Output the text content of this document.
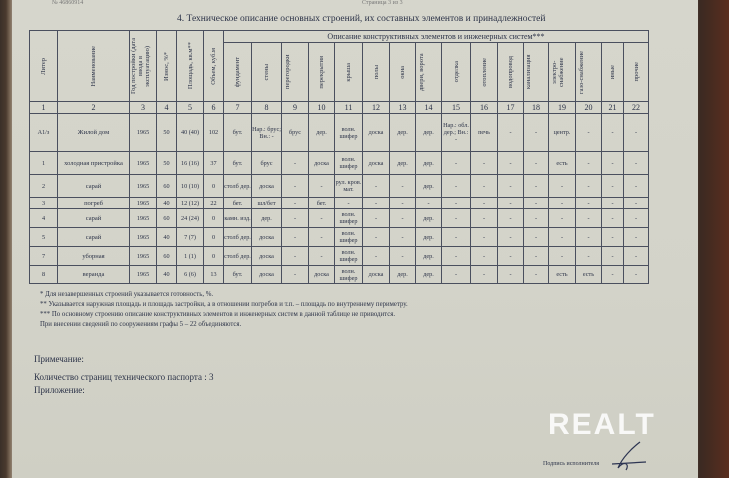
№ 46860914	Страница 3 из 3
4. Техническое описание основных строений, их составных элементов и принадлежностей
Литер	Наименование	Год постройки (дата ввода в эксплуатацию)	Износ, %*	Площадь, кв.м**	Объем, куб.м	Описание конструктивных элементов и инженерных систем***															

						фундамент	стены	перегородки	перекрытия	крыша	полы	окна	двери, ворота	отделка	отопление	водопровод	канализация	электро-снабжение	газо-снабжение	иные	прочие

1	2	3	4	5	6	7	8	9	10	11	12	13	14	15	16	17	18	19	20	21	22
А1/з	Жилой дом	1965	50	40 (40)	102	бут.	Нар.: брус; Вн.: -	брус	дер.	волн. шифер	доска	дер.	дер.	Нар.: обл. дер.; Вн.: -	печь	-	-	центр.	-	-	-
1	холодная пристройка	1965	50	16 (16)	37	бут.	брус	-	доска	волн. шифер	доска	дер.	дер.	-	-	-	-	есть	-	-	-
2	сарай	1965	60	10 (10)	0	столб дер.	доска	-	-	рул. кров. мат.	-	-	дер.	-	-	-	-	-	-	-	-
3	погреб	1965	40	12 (12)	22	бет.	шл/бет	-	бет.	-	-	-	-	-	-	-	-	-	-	-	-
4	сарай	1965	60	24 (24)	0	камн. изд.	дер.	-	-	волн. шифер	-	-	дер.	-	-	-	-	-	-	-	-
5	сарай	1965	40	7 (7)	0	столб дер.	доска	-	-	волн. шифер	-	-	дер.	-	-	-	-	-	-	-	-
7	уборная	1965	60	1 (1)	0	столб дер.	доска	-	-	волн. шифер	-	-	дер.	-	-	-	-	-	-	-	-
8	веранда	1965	40	6 (6)	13	бут.	доска	-	доска	волн. шифер	доска	дер.	дер.	-	-	-	-	есть	есть	-	-
* Для незавершенных строений указывается готовность, %.
** Указывается наружная площадь и площадь застройки, а в отношении погребов и т.п. – площадь по внутреннему периметру.
*** По основному строению описание конструктивных элементов и инженерных систем в данной таблице не приводится.
При внесении сведений по сооружениям графы 5 – 22 объединяются.
Примечание:
Количество страниц технического паспорта : 3
Приложение:
Подпись исполнителя
REALT
